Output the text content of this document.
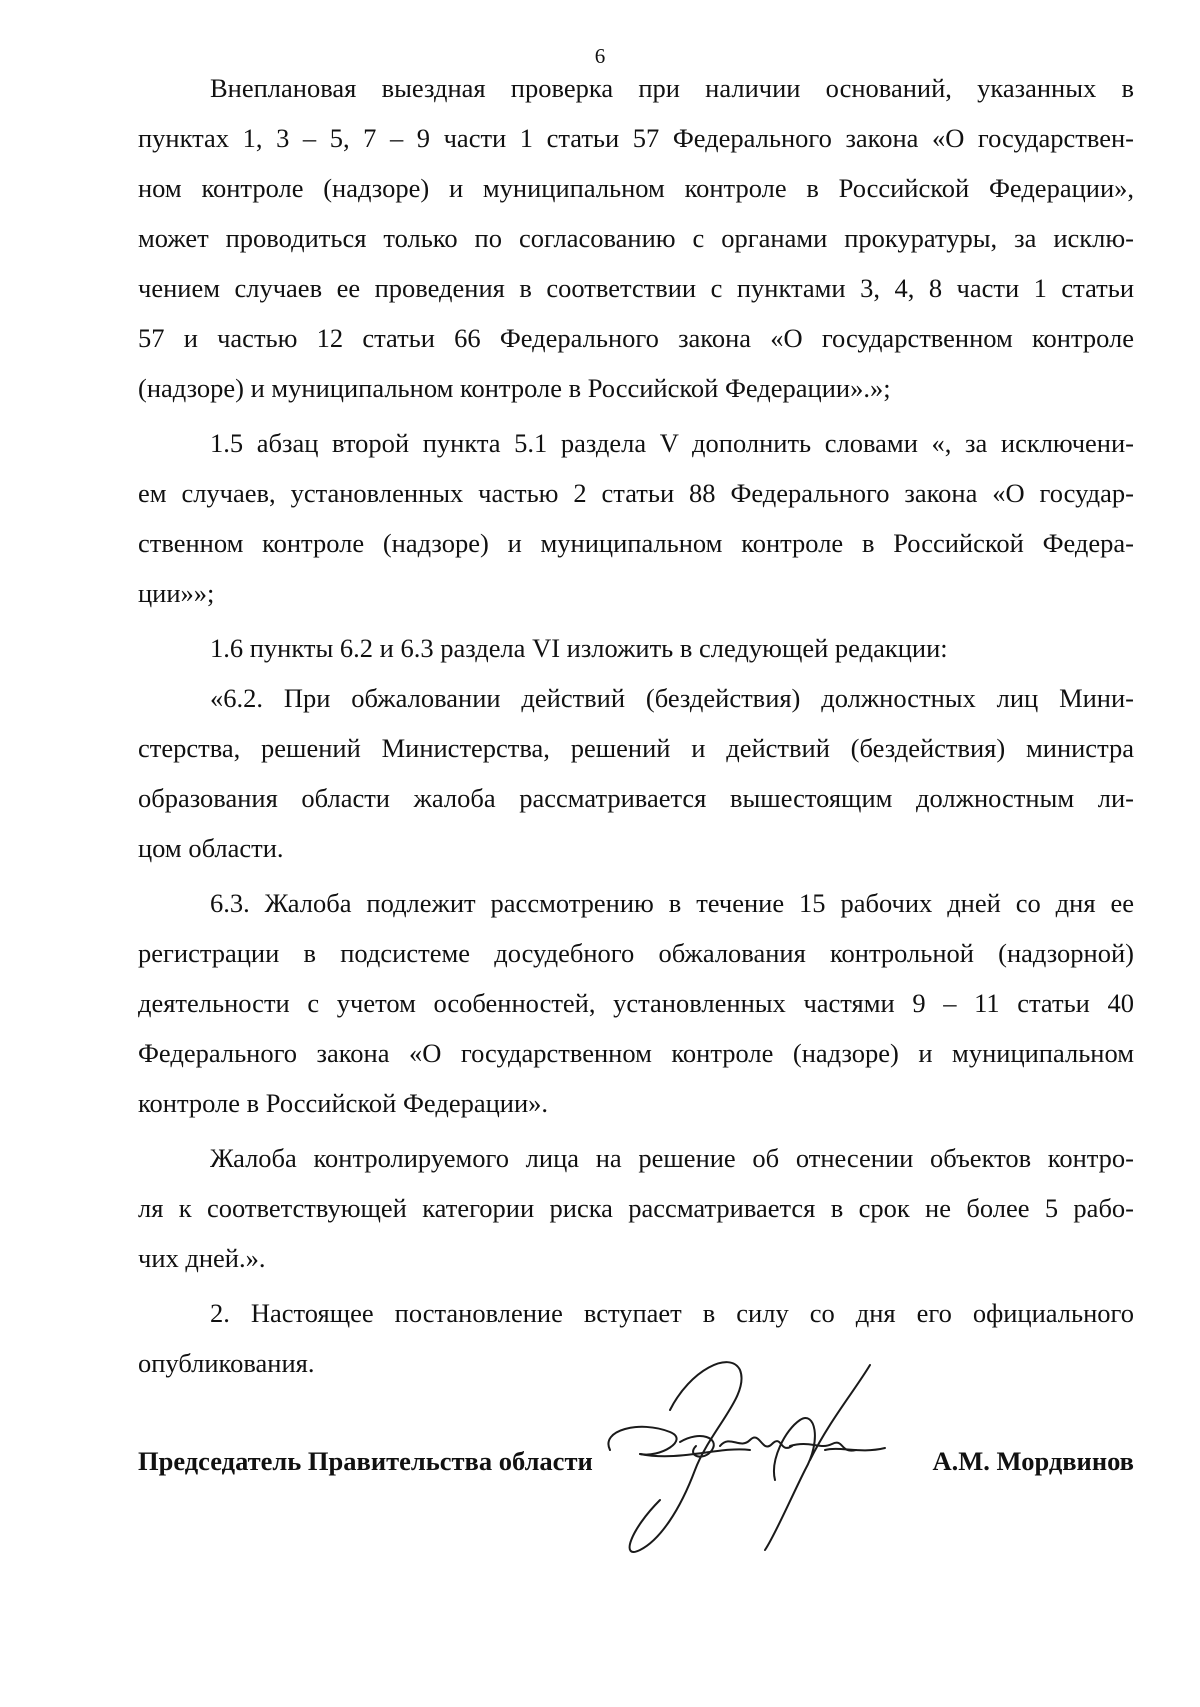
6
Внеплановая выездная проверка при наличии оснований, указанных в
пунктах 1, 3 – 5, 7 – 9 части 1 статьи 57 Федерального закона «О государствен-
ном контроле (надзоре) и муниципальном контроле в Российской Федерации»,
может проводиться только по согласованию с органами прокуратуры, за исклю-
чением случаев ее проведения в соответствии с пунктами 3, 4, 8 части 1 статьи
57 и частью 12 статьи 66 Федерального закона «О государственном контроле
(надзоре) и муниципальном контроле в Российской Федерации».»;
1.5 абзац второй пункта 5.1 раздела V дополнить словами «, за исключени-
ем случаев, установленных частью 2 статьи 88 Федерального закона «О государ-
ственном контроле (надзоре) и муниципальном контроле в Российской Федера-
ции»»;
1.6 пункты 6.2 и 6.3 раздела VI изложить в следующей редакции:
«6.2. При обжаловании действий (бездействия) должностных лиц Мини-
стерства, решений Министерства, решений и действий (бездействия) министра
образования области жалоба рассматривается вышестоящим должностным ли-
цом области.
6.3. Жалоба подлежит рассмотрению в течение 15 рабочих дней со дня ее
регистрации в подсистеме досудебного обжалования контрольной (надзорной)
деятельности с учетом особенностей, установленных частями 9 – 11 статьи 40
Федерального закона «О государственном контроле (надзоре) и муниципальном
контроле в Российской Федерации».
Жалоба контролируемого лица на решение об отнесении объектов контро-
ля к соответствующей категории риска рассматривается в срок не более 5 рабо-
чих дней.».
2. Настоящее постановление вступает в силу со дня его официального
опубликования.
Председатель Правительства области	А.М. Мордвинов
